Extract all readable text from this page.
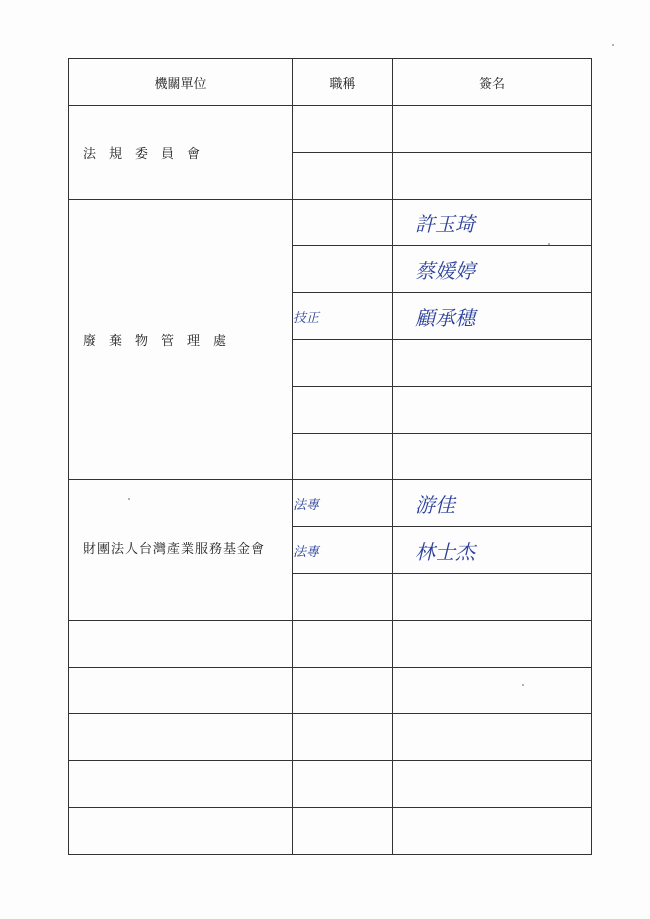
機關單位	職稱	簽名
法　規　委　員　會		

廢　棄　物　管　理　處		許玉琦
		蔡媛婷
	技正	顧承穗

財團法人台灣產業服務基金會	法專	游佳
	法專	林士杰
